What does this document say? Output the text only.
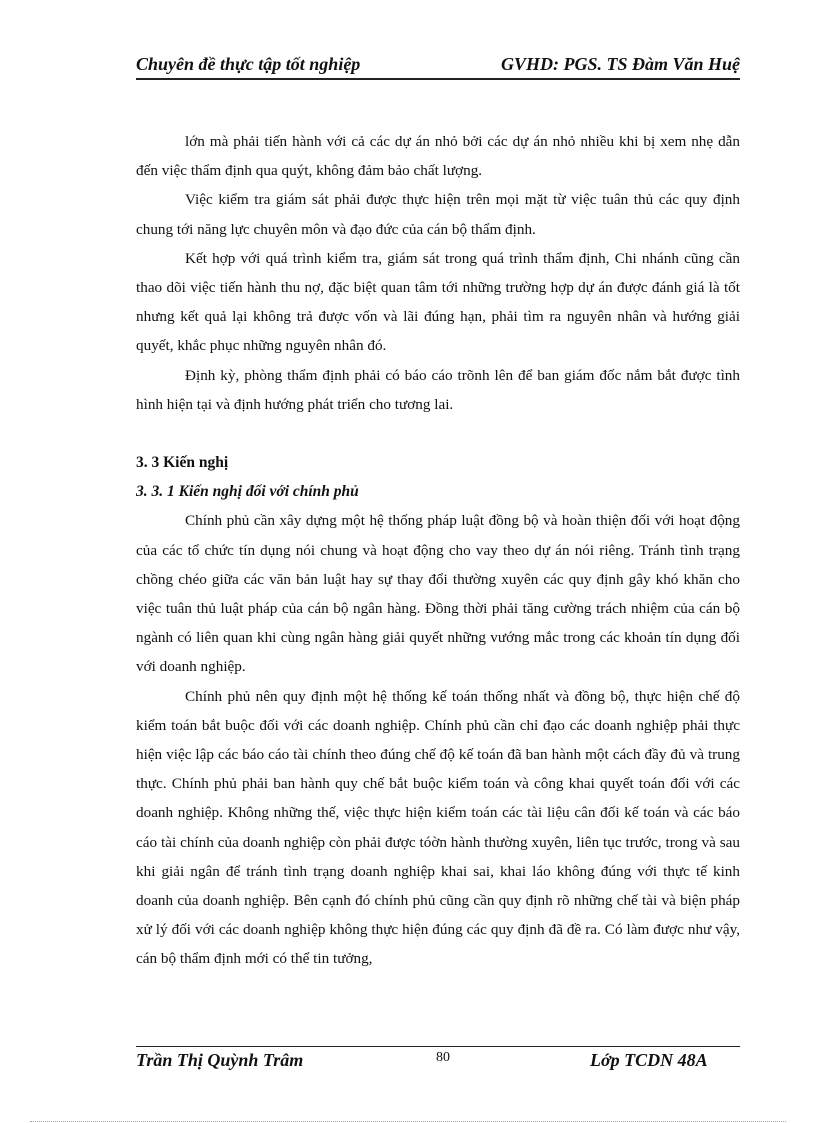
Chuyên đề thực tập tốt nghiệp	GVHD: PGS. TS Đàm Văn Huệ

lớn mà phải tiến hành với cả các dự án nhỏ bởi các dự án nhỏ nhiều khi bị xem nhẹ dẫn đến việc thẩm định qua quýt, không đảm bảo chất lượng.

Việc kiểm tra giám sát phải được thực hiện trên mọi mặt từ việc tuân thủ các quy định chung tới năng lực chuyên môn và đạo đức của cán bộ thẩm định.

Kết hợp với quá trình kiểm tra, giám sát trong quá trình thẩm định, Chi nhánh cũng cần thao dõi việc tiến hành thu nợ, đặc biệt quan tâm tới những trường hợp dự án được đánh giá là tốt nhưng kết quả lại không trả được vốn và lãi đúng hạn, phải tìm ra nguyên nhân và hướng giải quyết, khắc phục những nguyên nhân đó.

Định kỳ, phòng thẩm định phải có báo cáo trõnh lên để ban giám đốc nắm bắt được tình hình hiện tại và định hướng phát triển cho tương lai.

3. 3 Kiến nghị

3. 3. 1 Kiến nghị đối với chính phủ

Chính phủ cần xây dựng một hệ thống pháp luật đồng bộ và hoàn thiện đối với hoạt động của các tổ chức tín dụng nói chung và hoạt động cho vay theo dự án nói riêng. Tránh tình trạng chồng chéo giữa các văn bản luật hay sự thay đổi thường xuyên các quy định gây khó khăn cho việc tuân thủ luật pháp của cán bộ ngân hàng. Đồng thời phải tăng cường trách nhiệm của cán bộ ngành có liên quan khi cùng ngân hàng giải quyết những vướng mắc trong các khoản tín dụng đối với doanh nghiệp.

Chính phủ nên quy định một hệ thống kế toán thống nhất và đồng bộ, thực hiện chế độ kiểm toán bắt buộc đối với các doanh nghiệp. Chính phủ cần chỉ đạo các doanh nghiệp phải thực hiện việc lập các báo cáo tài chính theo đúng chế độ kế toán đã ban hành một cách đầy đủ và trung thực. Chính phủ phải ban hành quy chế bắt buộc kiểm toán và công khai quyết toán đối với các doanh nghiệp. Không những thế, việc thực hiện kiểm toán các tài liệu cân đối kế toán và các báo cáo tài chính của doanh nghiệp còn phải được tóờn hành thường xuyên, liên tục trước, trong và sau khi giải ngân để tránh tình trạng doanh nghiệp khai sai, khai láo không đúng với thực tế kinh doanh của doanh nghiệp. Bên cạnh đó chính phủ cũng cần quy định rõ những chế tài và biện pháp xử lý đối với các doanh nghiệp không thực hiện đúng các quy định đã đề ra. Có làm được như vậy, cán bộ thẩm định mới có thể tin tưởng,

Trần Thị Quỳnh Trâm	80	Lớp TCDN 48A
